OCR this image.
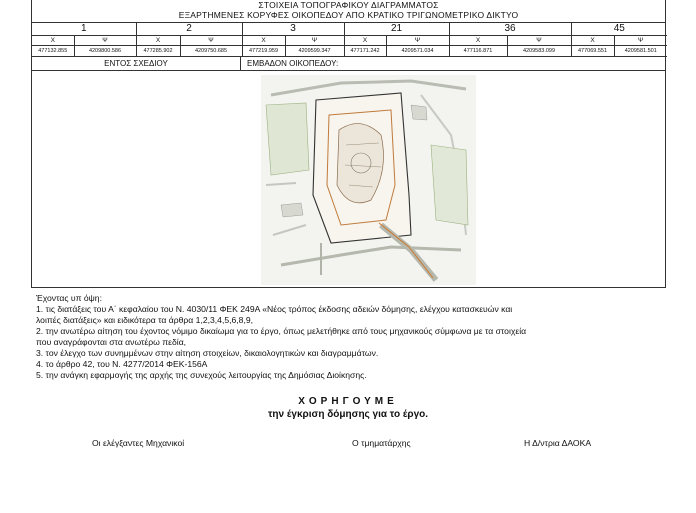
ΣΤΟΙΧΕΙΑ ΤΟΠΟΓΡΑΦΙΚΟΥ ΔΙΑΓΡΑΜΜΑΤΟΣ
ΕΞΑΡΤΗΜΕΝΕΣ ΚΟΡΥΦΕΣ ΟΙΚΟΠΕΔΟΥ ΑΠΟ ΚΡΑΤΙΚΟ ΤΡΙΓΩΝΟΜΕΤΡΙΚΟ ΔΙΚΤΥΟ
1		2		3		21		36		45	
Χ	Ψ	Χ	Ψ	Χ	Ψ	Χ	Ψ	Χ	Ψ	Χ	Ψ
477132.855	4209800.586	477285.902	4209750.685	477219.959	4209599.347	477171.242	4209571.034	477116.871	4209583.099	477069.551	4209581.501
ΕΝΤΟΣ ΣΧΕΔΙΟΥ	ΕΜΒΑΔΟΝ ΟΙΚΟΠΕΔΟΥ:

Έχοντας υπ όψη:

1. τις διατάξεις του Α΄ κεφαλαίου του Ν. 4030/11 ΦΕΚ 249Α «Νέος τρόπος έκδοσης αδειών δόμησης, ελέγχου κατασκευών και

λοιπές διατάξεις» και ειδικότερα τα άρθρα 1,2,3,4,5,6,8,9,

2. την ανωτέρω αίτηση του έχοντος νόμιμο δικαίωμα για το έργο, όπως μελετήθηκε από τους μηχανικούς σύμφωνα με τα στοιχεία

που αναγράφονται στα ανωτέρω πεδία,

3. τον έλεγχο των συνημμένων στην αίτηση στοιχείων, δικαιολογητικών και διαγραμμάτων.

4. το άρθρο 42, του Ν. 4277/2014 ΦΕΚ-156Α

5. την ανάγκη εφαρμογής της αρχής της συνεχούς λειτουργίας της Δημόσιας Διοίκησης.

ΧΟΡΗΓΟΥΜΕ
την έγκριση δόμησης για το έργο.
Οι ελέγξαντες Μηχανικοί	Ο τμηματάρχης	Η Δ/ντρια ΔΑΟΚΑ
